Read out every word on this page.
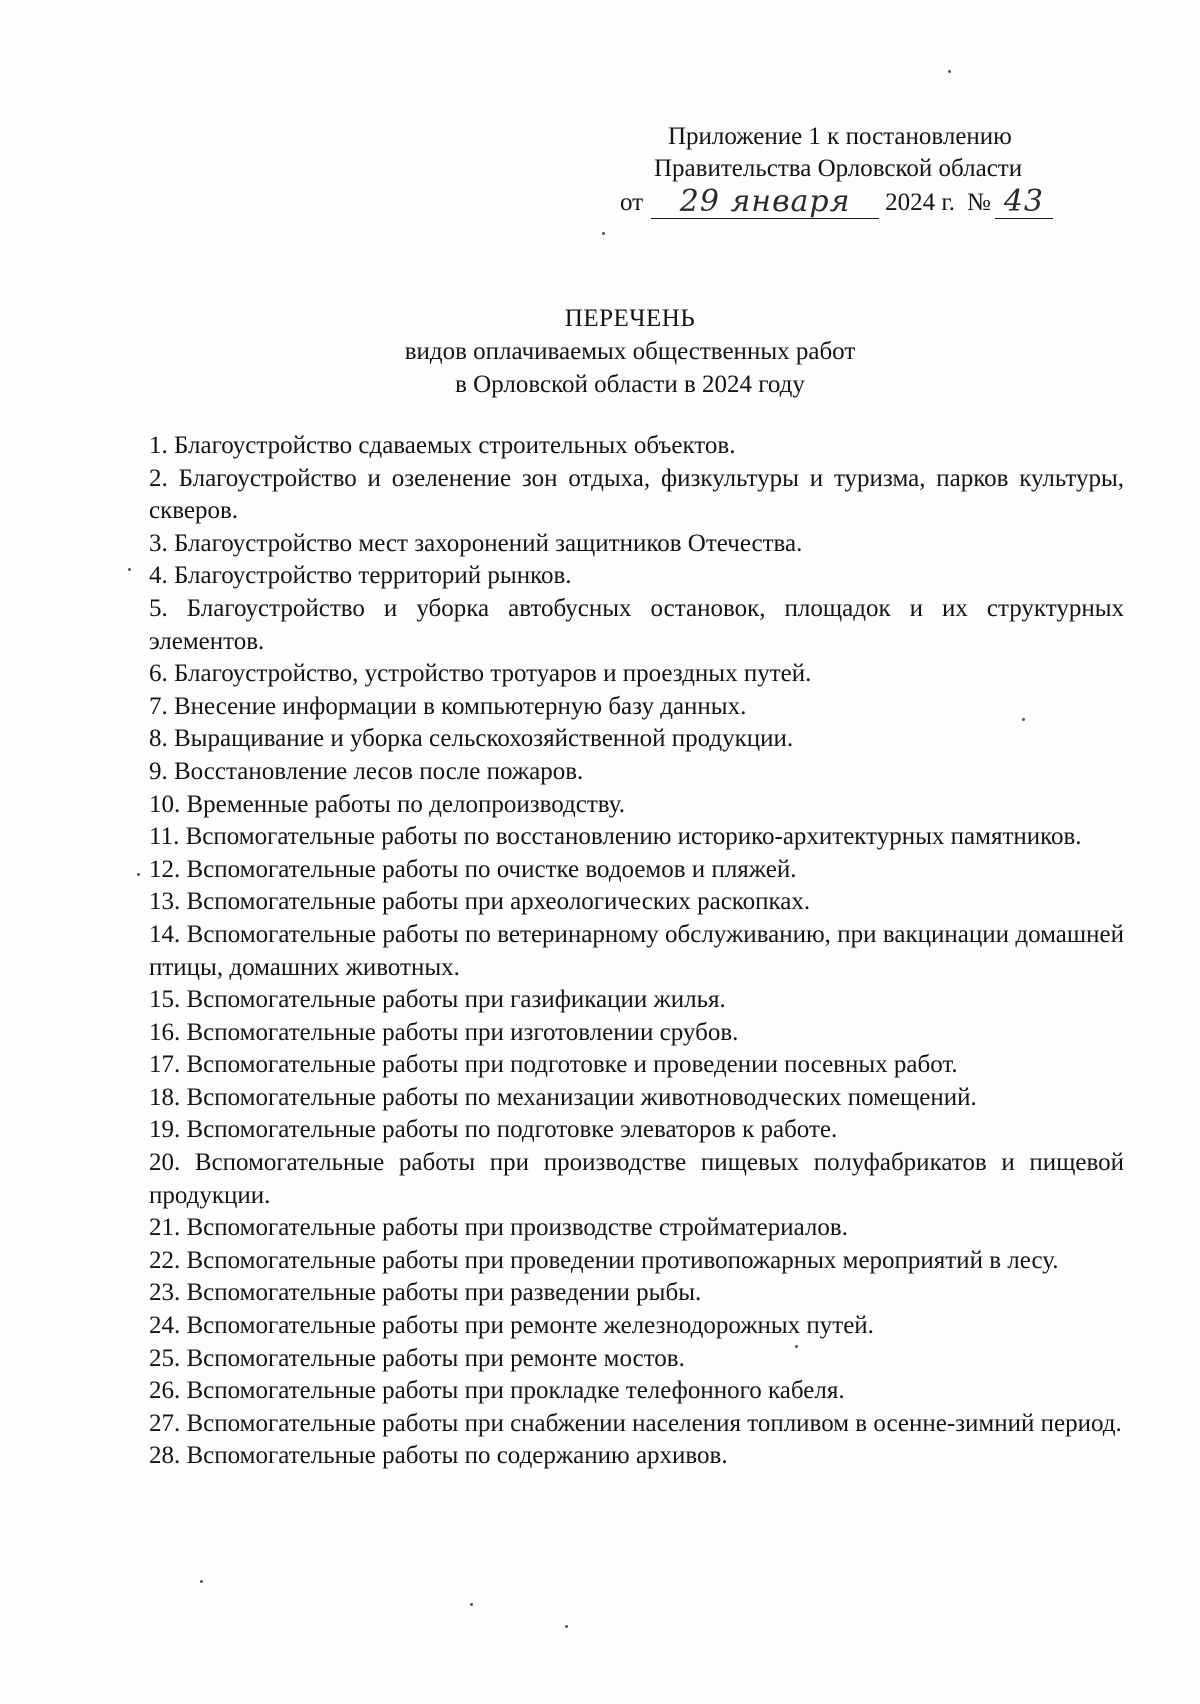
Приложение 1 к постановлению
Правительства Орловской области
от	29 января	2024 г. № 43
ПЕРЕЧЕНЬ
видов оплачиваемых общественных работ
в Орловской области в 2024 году

1. Благоустройство сдаваемых строительных объектов.

2. Благоустройство и озеленение зон отдыха, физкультуры и туризма, парков культуры, скверов.

3. Благоустройство мест захоронений защитников Отечества.

4. Благоустройство территорий рынков.

5. Благоустройство и уборка автобусных остановок, площадок и их структурных элементов.

6. Благоустройство, устройство тротуаров и проездных путей.

7. Внесение информации в компьютерную базу данных.

8. Выращивание и уборка сельскохозяйственной продукции.

9. Восстановление лесов после пожаров.

10. Временные работы по делопроизводству.

11. Вспомогательные работы по восстановлению историко-архитектурных памятников.

12. Вспомогательные работы по очистке водоемов и пляжей.

13. Вспомогательные работы при археологических раскопках.

14. Вспомогательные работы по ветеринарному обслуживанию, при вакцинации домашней птицы, домашних животных.

15. Вспомогательные работы при газификации жилья.

16. Вспомогательные работы при изготовлении срубов.

17. Вспомогательные работы при подготовке и проведении посевных работ.

18. Вспомогательные работы по механизации животноводческих помещений.

19. Вспомогательные работы по подготовке элеваторов к работе.

20. Вспомогательные работы при производстве пищевых полуфабрикатов и пищевой продукции.

21. Вспомогательные работы при производстве стройматериалов.

22. Вспомогательные работы при проведении противопожарных мероприятий в лесу.

23. Вспомогательные работы при разведении рыбы.

24. Вспомогательные работы при ремонте железнодорожных путей.

25. Вспомогательные работы при ремонте мостов.

26. Вспомогательные работы при прокладке телефонного кабеля.

27. Вспомогательные работы при снабжении населения топливом в осенне-зимний период.

28. Вспомогательные работы по содержанию архивов.
